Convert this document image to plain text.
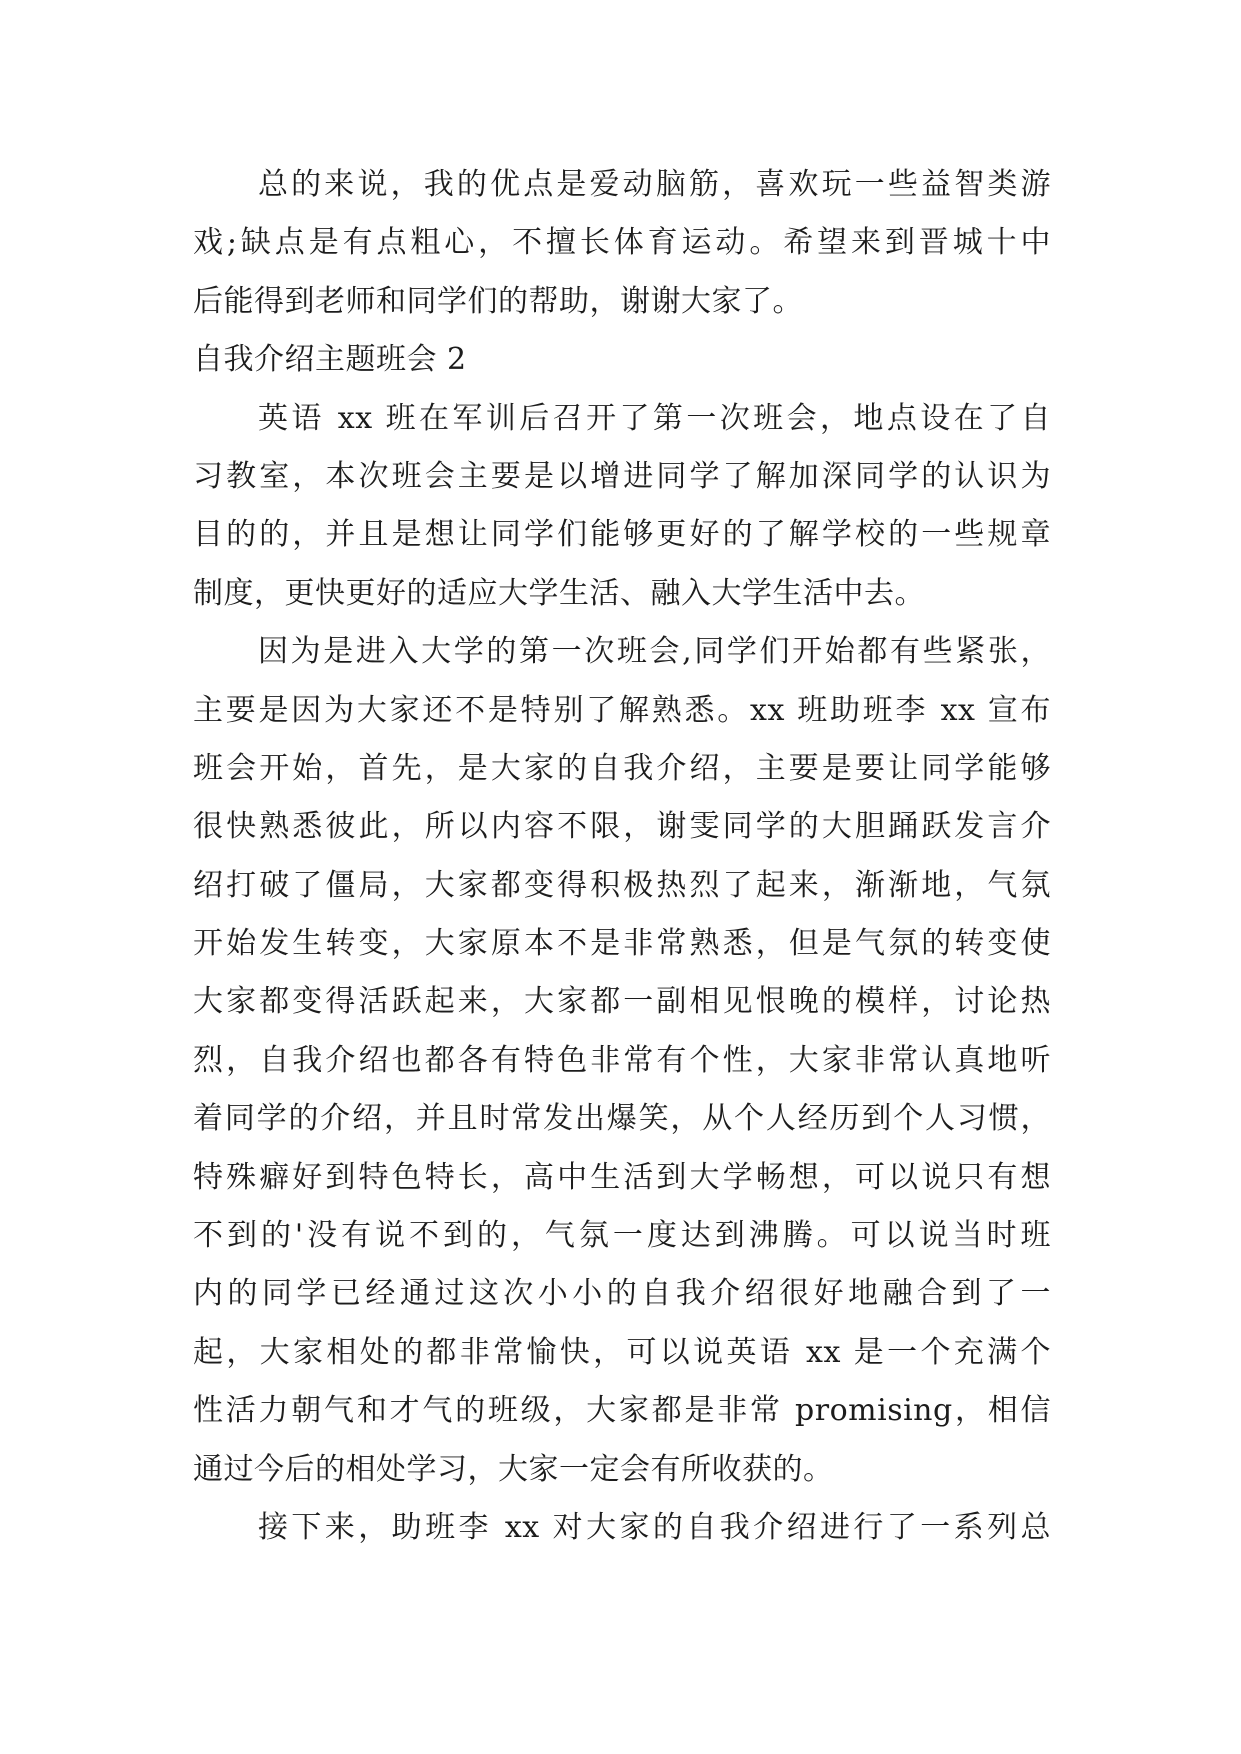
总的来说，我的优点是爱动脑筋，喜欢玩一些益智类游
戏;缺点是有点粗心，不擅长体育运动。希望来到晋城十中
后能得到老师和同学们的帮助，谢谢大家了。
自我介绍主题班会 2
英语 xx 班在军训后召开了第一次班会，地点设在了自
习教室，本次班会主要是以增进同学了解加深同学的认识为
目的的，并且是想让同学们能够更好的了解学校的一些规章
制度，更快更好的适应大学生活、融入大学生活中去。
因为是进入大学的第一次班会,同学们开始都有些紧张，
主要是因为大家还不是特别了解熟悉。xx 班助班李 xx 宣布
班会开始，首先，是大家的自我介绍，主要是要让同学能够
很快熟悉彼此，所以内容不限，谢雯同学的大胆踊跃发言介
绍打破了僵局，大家都变得积极热烈了起来，渐渐地，气氛
开始发生转变，大家原本不是非常熟悉，但是气氛的转变使
大家都变得活跃起来，大家都一副相见恨晚的模样，讨论热
烈，自我介绍也都各有特色非常有个性，大家非常认真地听
着同学的介绍，并且时常发出爆笑，从个人经历到个人习惯，
特殊癖好到特色特长，高中生活到大学畅想，可以说只有想
不到的'没有说不到的，气氛一度达到沸腾。可以说当时班
内的同学已经通过这次小小的自我介绍很好地融合到了一
起，大家相处的都非常愉快，可以说英语 xx 是一个充满个
性活力朝气和才气的班级，大家都是非常 promising，相信
通过今后的相处学习，大家一定会有所收获的。
接下来，助班李 xx 对大家的自我介绍进行了一系列总
